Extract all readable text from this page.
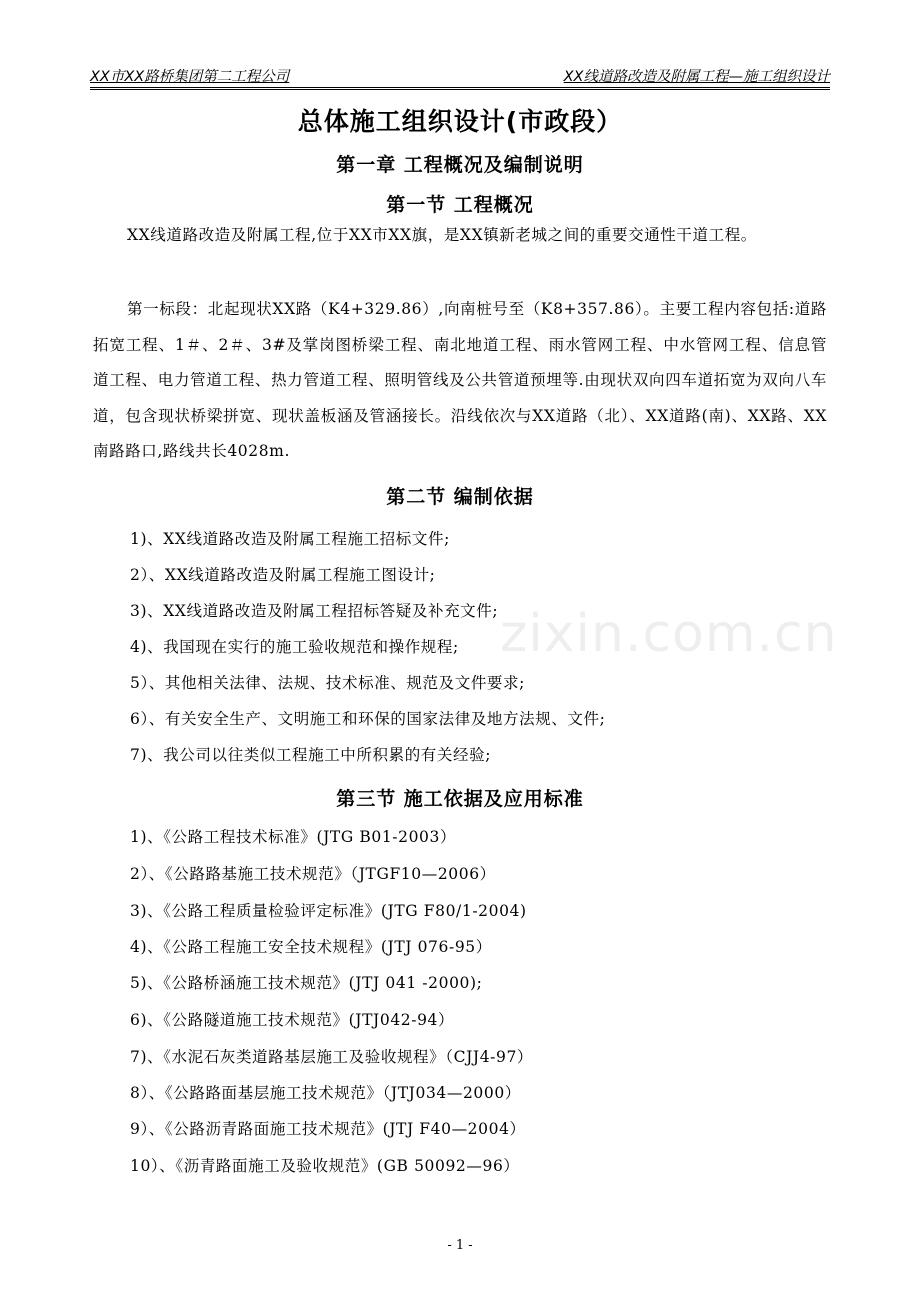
XX市XX路桥集团第二工程公司	XX线道路改造及附属工程—施工组织设计
总体施工组织设计(市政段）
第一章 工程概况及编制说明
第一节 工程概况
XX线道路改造及附属工程,位于XX市XX旗，是XX镇新老城之间的重要交通性干道工程。
第一标段：北起现状XX路（K4+329.86）,向南桩号至（K8+357.86）。主要工程内容包括:道路拓宽工程、1＃、2＃、3#及掌岗图桥梁工程、南北地道工程、雨水管网工程、中水管网工程、信息管道工程、电力管道工程、热力管道工程、照明管线及公共管道预埋等.由现状双向四车道拓宽为双向八车道，包含现状桥梁拼宽、现状盖板涵及管涵接长。沿线依次与XX道路（北）、XX道路(南)、XX路、XX南路路口,路线共长4028m.
第二节 编制依据
1)、XX线道路改造及附属工程施工招标文件;
2）、XX线道路改造及附属工程施工图设计;
3)、XX线道路改造及附属工程招标答疑及补充文件;
4)、我国现在实行的施工验收规范和操作规程;
5）、其他相关法律、法规、技术标准、规范及文件要求;
6）、有关安全生产、文明施工和环保的国家法律及地方法规、文件;
7)、我公司以往类似工程施工中所积累的有关经验;
第三节 施工依据及应用标准
1)、《公路工程技术标准》(JTG B01-2003）
2）、《公路路基施工技术规范》（JTGF10—2006）
3)、《公路工程质量检验评定标准》(JTG F80/1-2004)
4)、《公路工程施工安全技术规程》(JTJ 076-95）
5)、《公路桥涵施工技术规范》(JTJ 041 -2000);
6)、《公路隧道施工技术规范》(JTJ042-94）
7)、《水泥石灰类道路基层施工及验收规程》（CJJ4-97）
8）、《公路路面基层施工技术规范》（JTJ034—2000）
9）、《公路沥青路面施工技术规范》(JTJ F40—2004）
10）、《沥青路面施工及验收规范》(GB 50092—96）
zixin.com.cn
- 1 -
